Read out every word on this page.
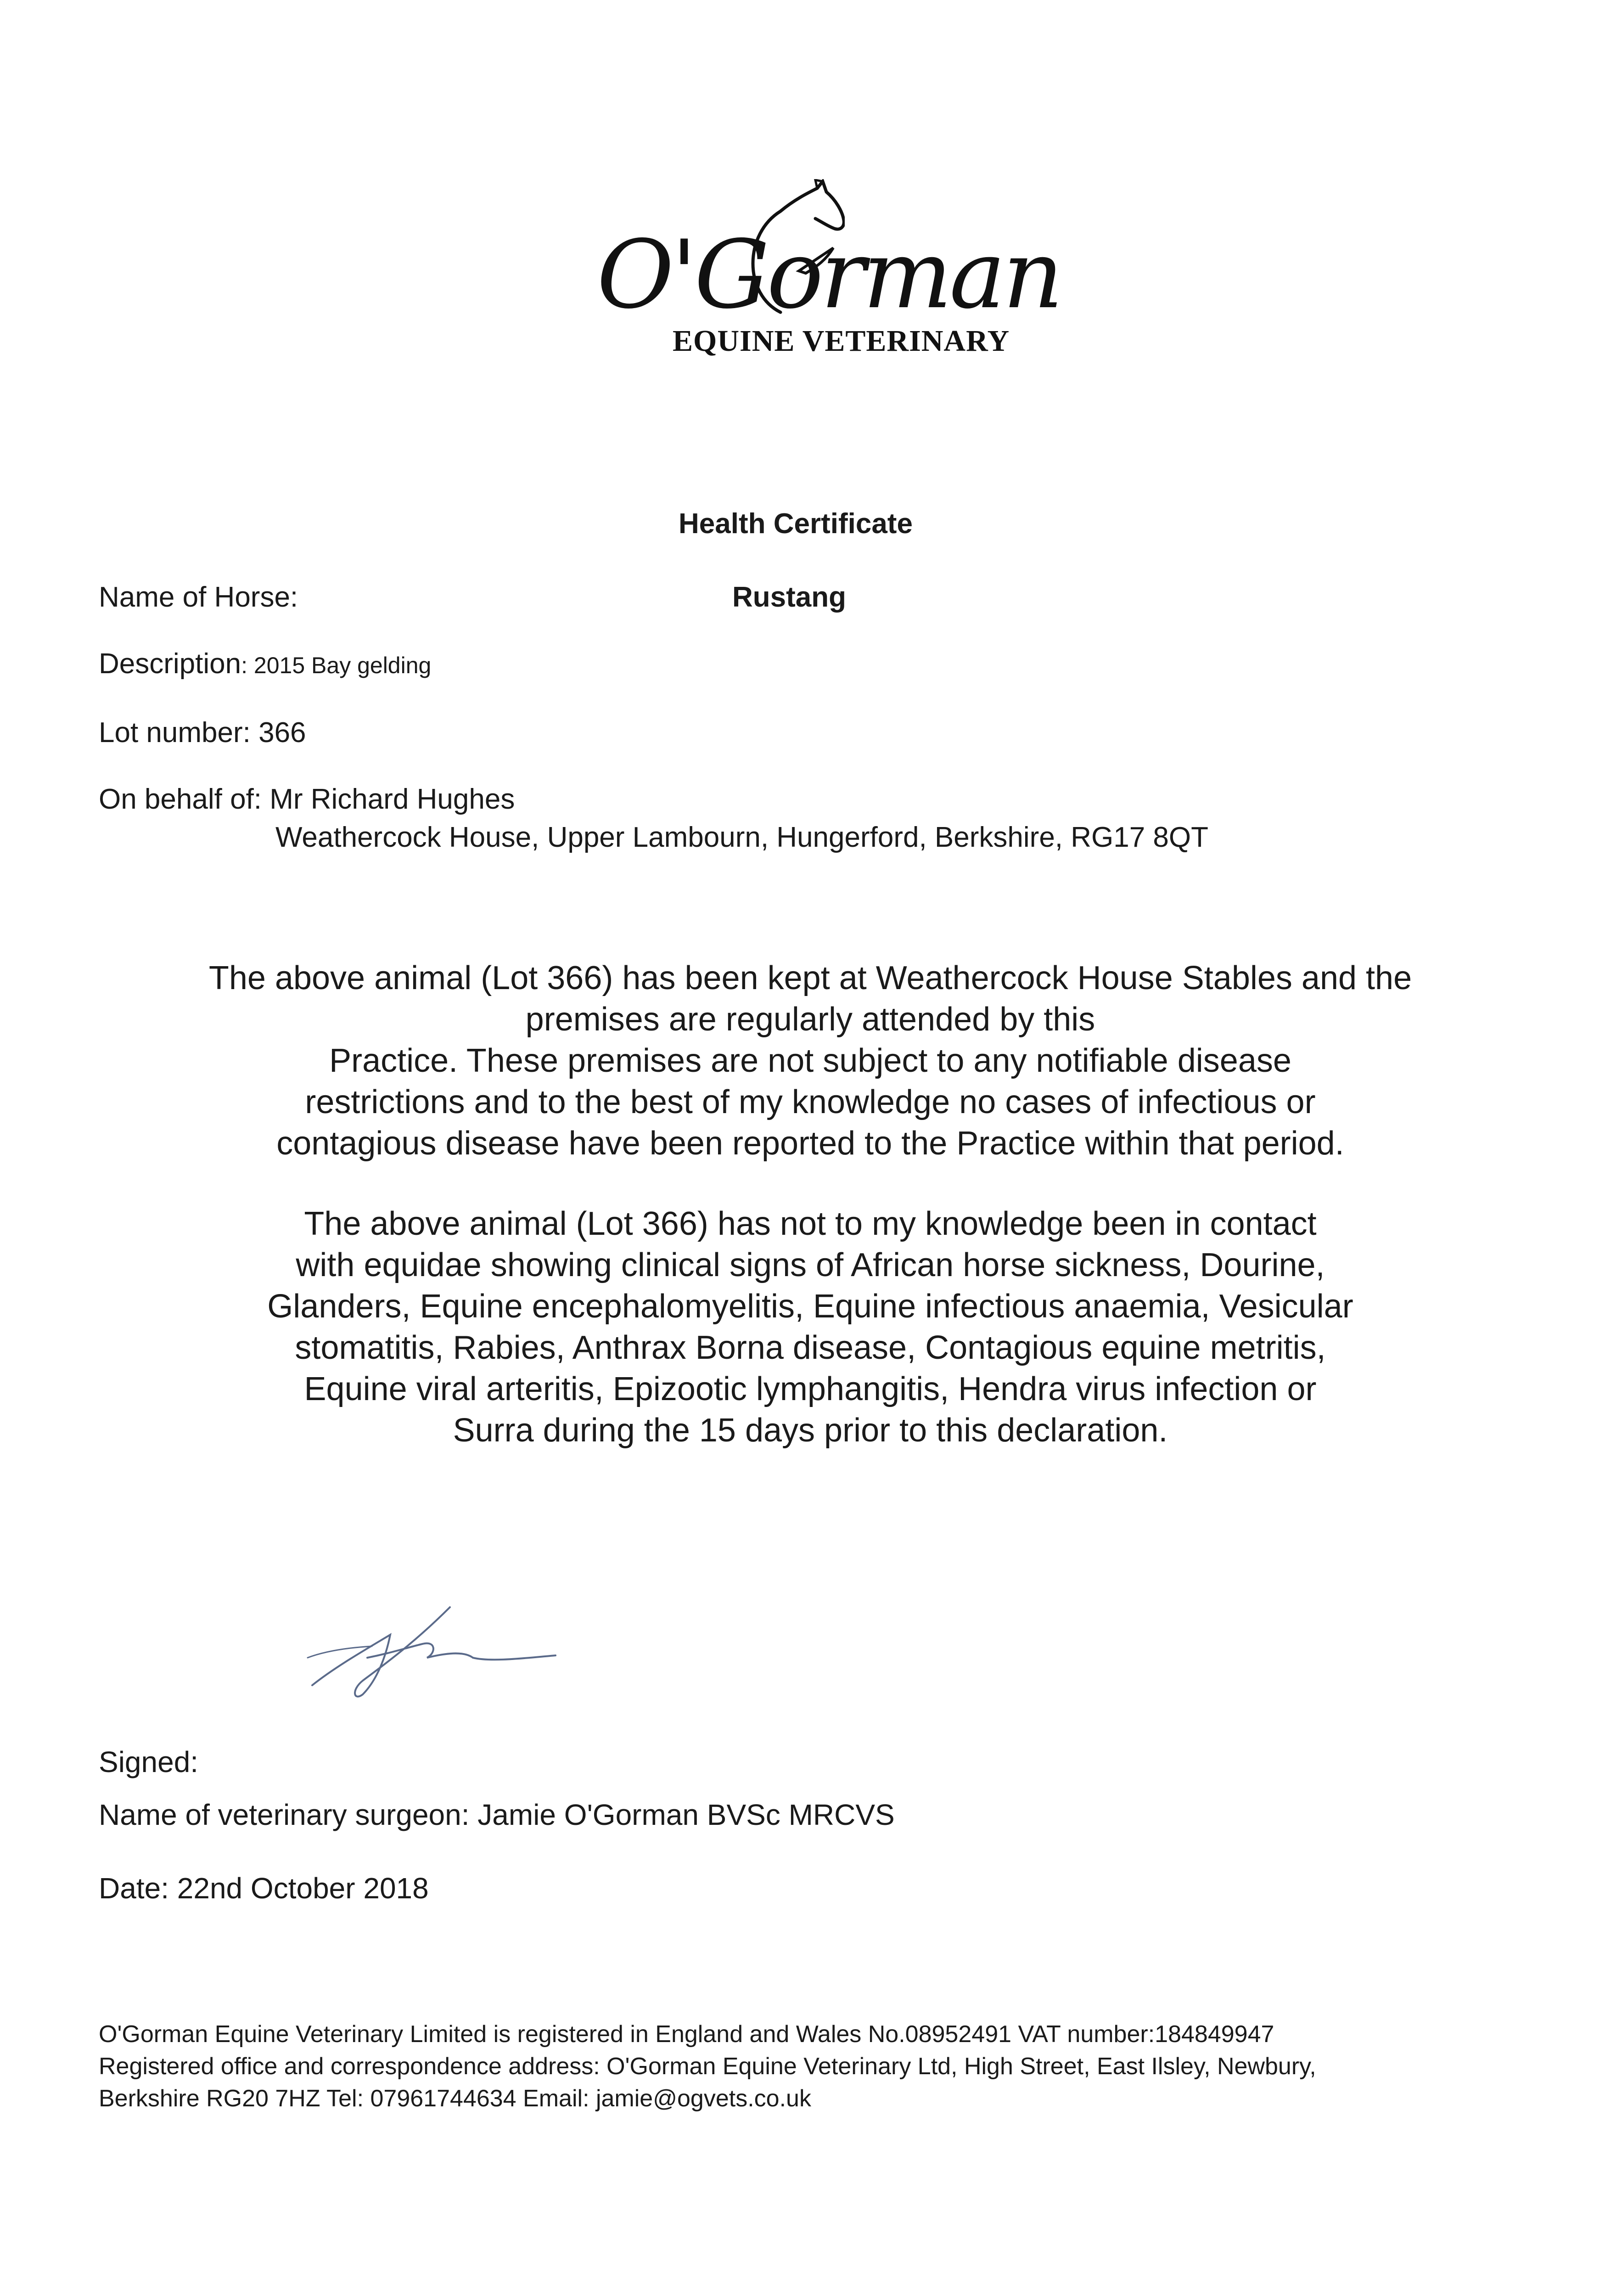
O'Gorman
EQUINE VETERINARY
Health Certificate
Name of Horse:	Rustang
Description: 2015 Bay gelding
Lot number: 366
On behalf of: Mr Richard Hughes
Weathercock House, Upper Lambourn, Hungerford, Berkshire, RG17 8QT
The above animal (Lot 366) has been kept at Weathercock House Stables and the
premises are regularly attended by this
Practice. These premises are not subject to any notifiable disease
restrictions and to the best of my knowledge no cases of infectious or
contagious disease have been reported to the Practice within that period.
The above animal (Lot 366) has not to my knowledge been in contact
with equidae showing clinical signs of African horse sickness, Dourine,
Glanders, Equine encephalomyelitis, Equine infectious anaemia, Vesicular
stomatitis, Rabies, Anthrax Borna disease, Contagious equine metritis,
Equine viral arteritis, Epizootic lymphangitis, Hendra virus infection or
Surra during the 15 days prior to this declaration.
Signed:
Name of veterinary surgeon: Jamie O'Gorman BVSc MRCVS
Date: 22nd October 2018
O'Gorman Equine Veterinary Limited is registered in England and Wales No.08952491 VAT number:184849947
Registered office and correspondence address: O'Gorman Equine Veterinary Ltd, High Street, East Ilsley, Newbury,
Berkshire RG20 7HZ Tel: 07961744634 Email: jamie@ogvets.co.uk
